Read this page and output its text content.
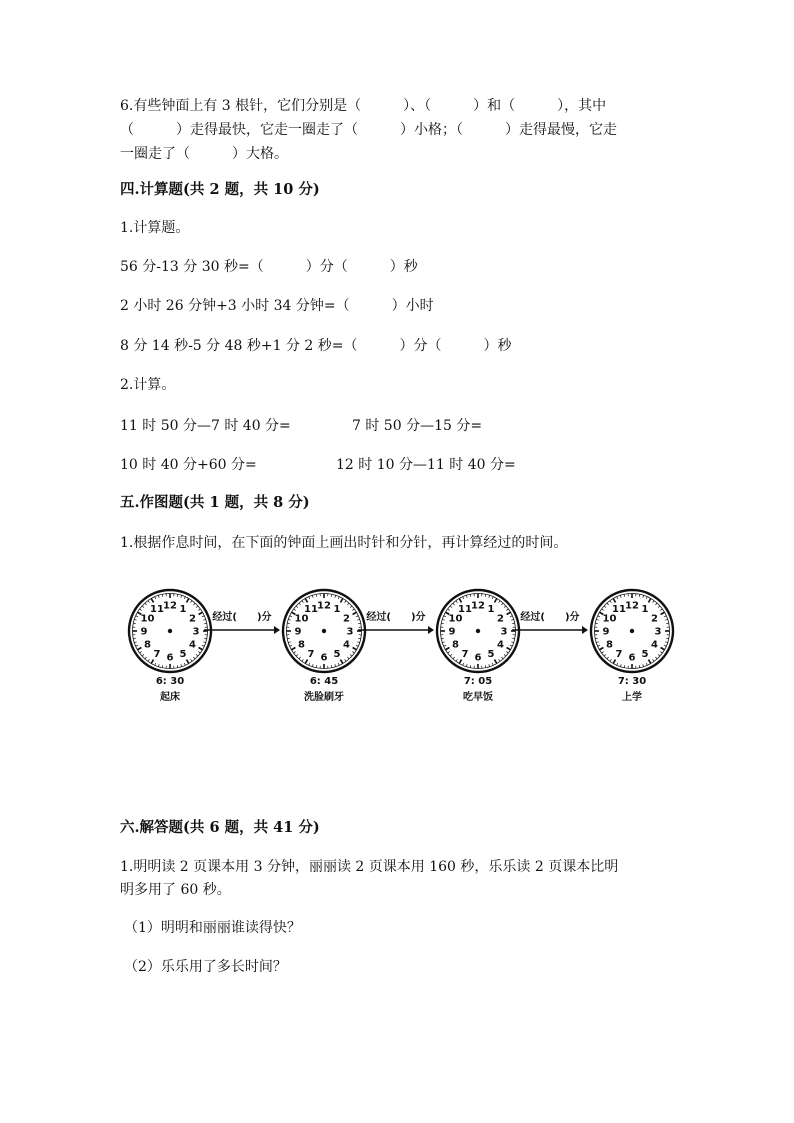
6.有些钟面上有 3 根针，它们分别是（　　　）、（　　　）和（　　　），其中
（　　　）走得最快，它走一圈走了（　　　）小格；（　　　）走得最慢，它走
一圈走了（　　　）大格。
四.计算题(共 2 题，共 10 分)
1.计算题。
56 分-13 分 30 秒=（　　　）分（　　　）秒
2 小时 26 分钟+3 小时 34 分钟=（　　　）小时
8 分 14 秒-5 分 48 秒+1 分 2 秒=（　　　）分（　　　）秒
2.计算。
11 时 50 分—7 时 40 分=	7 时 50 分—15 分=
10 时 40 分+60 分=	12 时 10 分—11 时 40 分=
五.作图题(共 1 题，共 8 分)
1.根据作息时间，在下面的钟面上画出时针和分针，再计算经过的时间。
12 1
2
3
4
5
6
7
8
9
10
11
6: 30
起床
经过(　　)分
12 1
2
3
4
5
6
7
8
9
10
11
6: 45
洗脸刷牙
经过(　　)分
12 1
2
3
4
5
6
7
8
9
10
11
7: 05
吃早饭
经过(　　)分
12 1
2
3
4
5
6
7
8
9
10
11
7: 30
上学
六.解答题(共 6 题，共 41 分)
1.明明读 2 页课本用 3 分钟，丽丽读 2 页课本用 160 秒，乐乐读 2 页课本比明
明多用了 60 秒。
（1）明明和丽丽谁读得快？
（2）乐乐用了多长时间？
